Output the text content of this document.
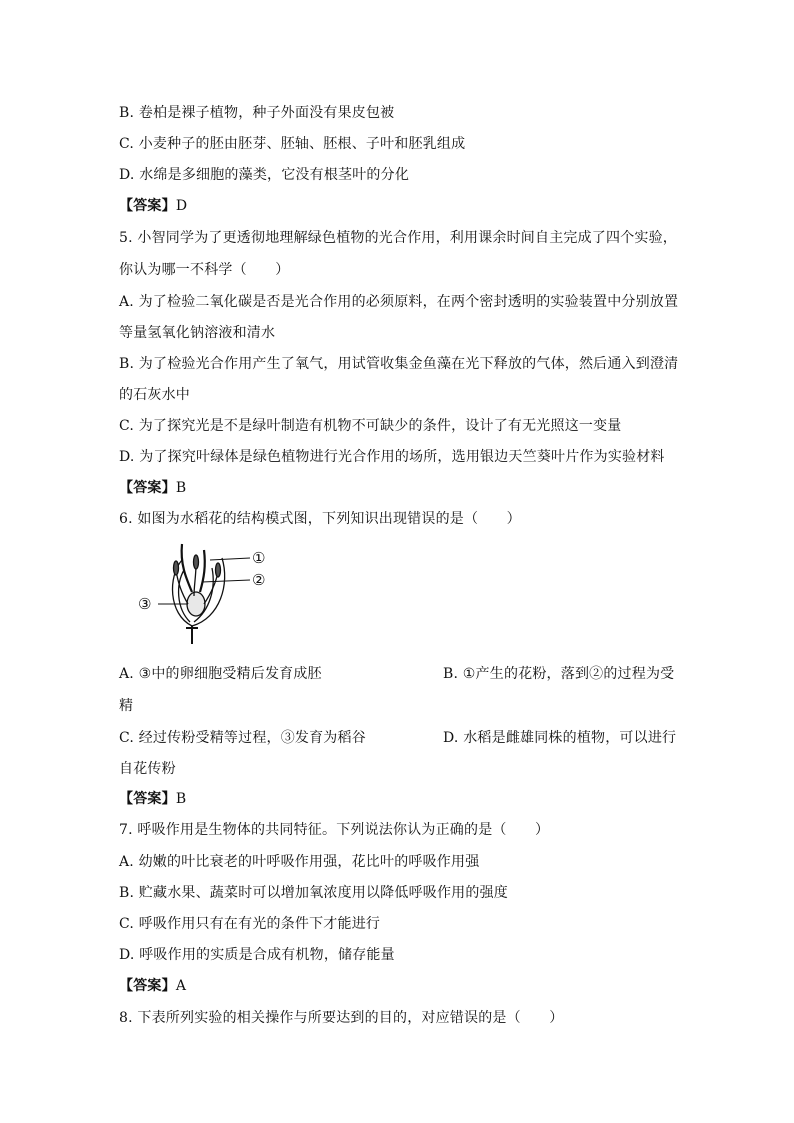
B. 卷柏是裸子植物，种子外面没有果皮包被
C. 小麦种子的胚由胚芽、胚轴、胚根、子叶和胚乳组成
D. 水绵是多细胞的藻类，它没有根茎叶的分化
【答案】D
5. 小智同学为了更透彻地理解绿色植物的光合作用，利用课余时间自主完成了四个实验，
你认为哪一不科学（　　）
A. 为了检验二氧化碳是否是光合作用的必须原料，在两个密封透明的实验装置中分别放置
等量氢氧化钠溶液和清水
B. 为了检验光合作用产生了氧气，用试管收集金鱼藻在光下释放的气体，然后通入到澄清
的石灰水中
C. 为了探究光是不是绿叶制造有机物不可缺少的条件，设计了有无光照这一变量
D. 为了探究叶绿体是绿色植物进行光合作用的场所，选用银边天竺葵叶片作为实验材料
【答案】B
6. 如图为水稻花的结构模式图，下列知识出现错误的是（　　）
①
②
③
A. ③中的卵细胞受精后发育成胚	B. ①产生的花粉，落到②的过程为受
精
C. 经过传粉受精等过程，③发育为稻谷	D. 水稻是雌雄同株的植物，可以进行
自花传粉
【答案】B
7. 呼吸作用是生物体的共同特征。下列说法你认为正确的是（　　）
A. 幼嫩的叶比衰老的叶呼吸作用强，花比叶的呼吸作用强
B. 贮藏水果、蔬菜时可以增加氧浓度用以降低呼吸作用的强度
C. 呼吸作用只有在有光的条件下才能进行
D. 呼吸作用的实质是合成有机物，储存能量
【答案】A
8. 下表所列实验的相关操作与所要达到的目的，对应错误的是（　　）
